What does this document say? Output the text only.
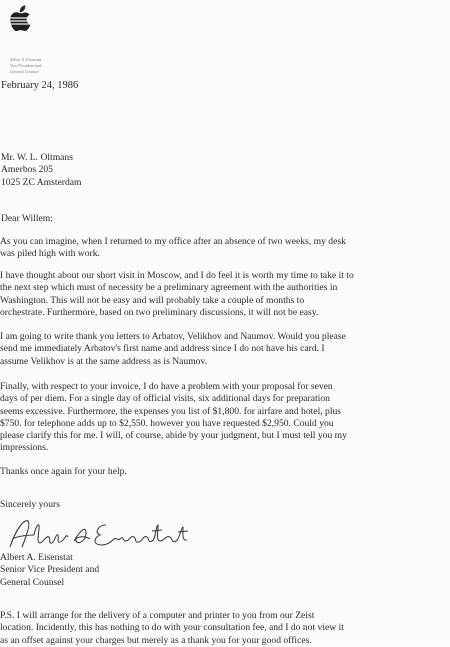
Albert A. Eisenstat
Vice President and
General Counsel
February 24, 1986
Mr. W. L. Oltmans
Amerbos 205
1025 ZC Amsterdam
Dear Willem:
As you can imagine, when I returned to my office after an absence of two weeks, my desk
was piled high with work.
I have thought about our short visit in Moscow, and I do feel it is worth my time to take it to
the next step which must of necessity be a preliminary agreement with the authorities in
Washington. This will not be easy and will probably take a couple of months to
orchestrate. Furthermore, based on two preliminary discussions, it will not be easy.
I am going to write thank you letters to Arbatov, Velikhov and Naumov. Would you please
send me immediately Arbatov's first name and address since I do not have his card. I
assume Velikhov is at the same address as is Naumov.
Finally, with respect to your invoice, I do have a problem with your proposal for seven
days of per diem. For a single day of official visits, six additional days for preparation
seems excessive. Furthermore, the expenses you list of $1,800. for airfare and hotel, plus
$750. for telephone adds up to $2,550. however you have requested $2,950. Could you
please clarify this for me. I will, of course, abide by your judgment, but I must tell you my
impressions.
Thanks once again for your help.
Sincerely yours
Albert A. Eisenstat
Senior Vice President and
General Counsel
P.S. I will arrange for the delivery of a computer and printer to you from our Zeist
location. Incidently, this has nothing to do with your consultation fee, and I do not view it
as an offset against your charges but merely as a thank you for your good offices.
